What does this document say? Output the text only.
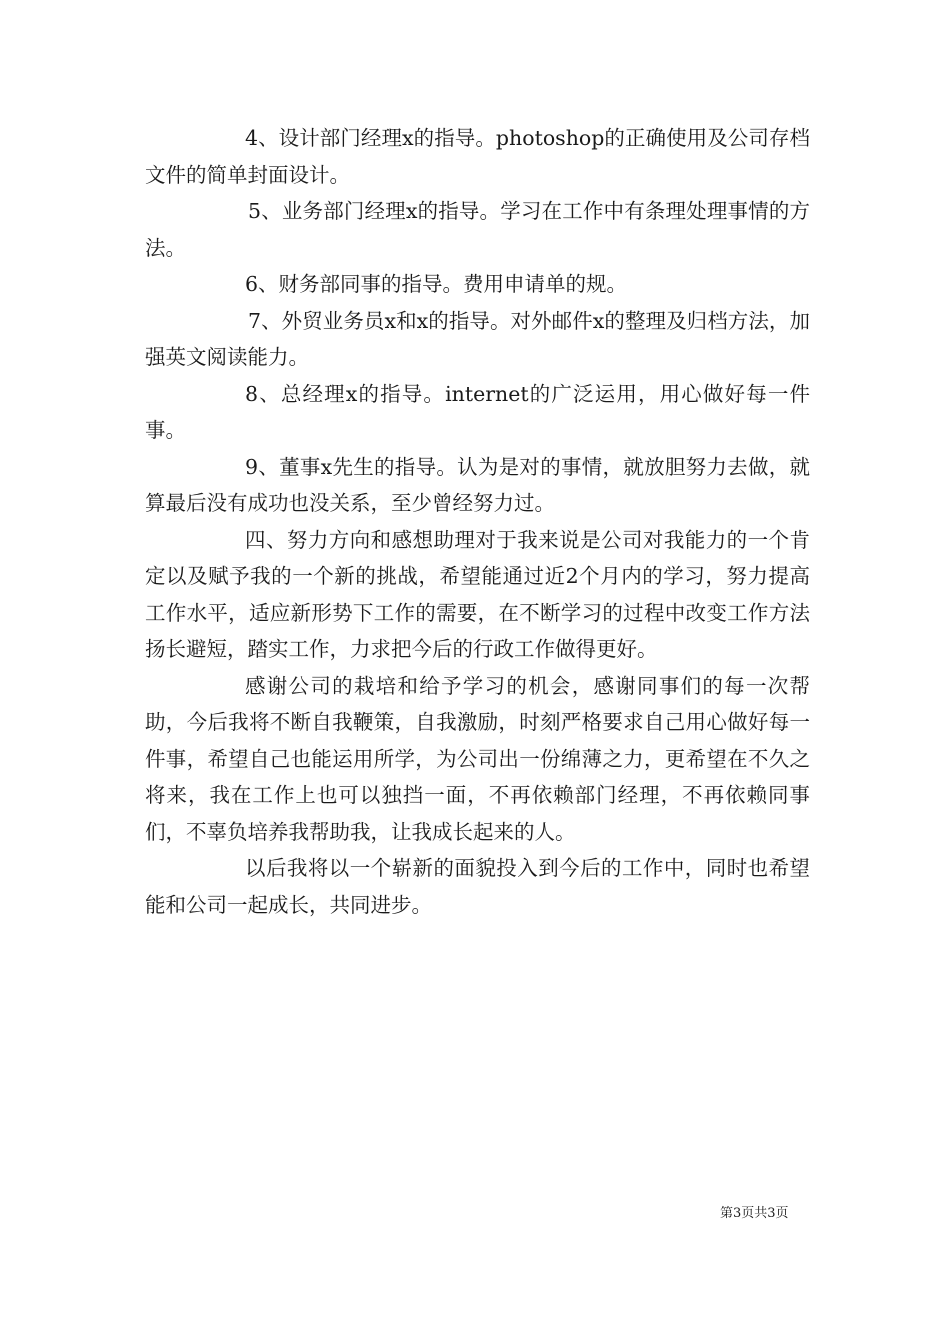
4、设计部门经理x的指导。photoshop的正确使用及公司存档文件的简单封面设计。

5、业务部门经理x的指导。学习在工作中有条理处理事情的方法。

6、财务部同事的指导。费用申请单的规。

7、外贸业务员x和x的指导。对外邮件x的整理及归档方法，加强英文阅读能力。

8、总经理x的指导。internet的广泛运用，用心做好每一件事。

9、董事x先生的指导。认为是对的事情，就放胆努力去做，就算最后没有成功也没关系，至少曾经努力过。

四、努力方向和感想助理对于我来说是公司对我能力的一个肯定以及赋予我的一个新的挑战，希望能通过近2个月内的学习，努力提高工作水平，适应新形势下工作的需要，在不断学习的过程中改变工作方法扬长避短，踏实工作，力求把今后的行政工作做得更好。

感谢公司的栽培和给予学习的机会，感谢同事们的每一次帮助，今后我将不断自我鞭策，自我激励，时刻严格要求自己用心做好每一件事，希望自己也能运用所学，为公司出一份绵薄之力，更希望在不久之将来，我在工作上也可以独挡一面，不再依赖部门经理，不再依赖同事们，不辜负培养我帮助我，让我成长起来的人。

以后我将以一个崭新的面貌投入到今后的工作中，同时也希望能和公司一起成长，共同进步。

第3页共3页
